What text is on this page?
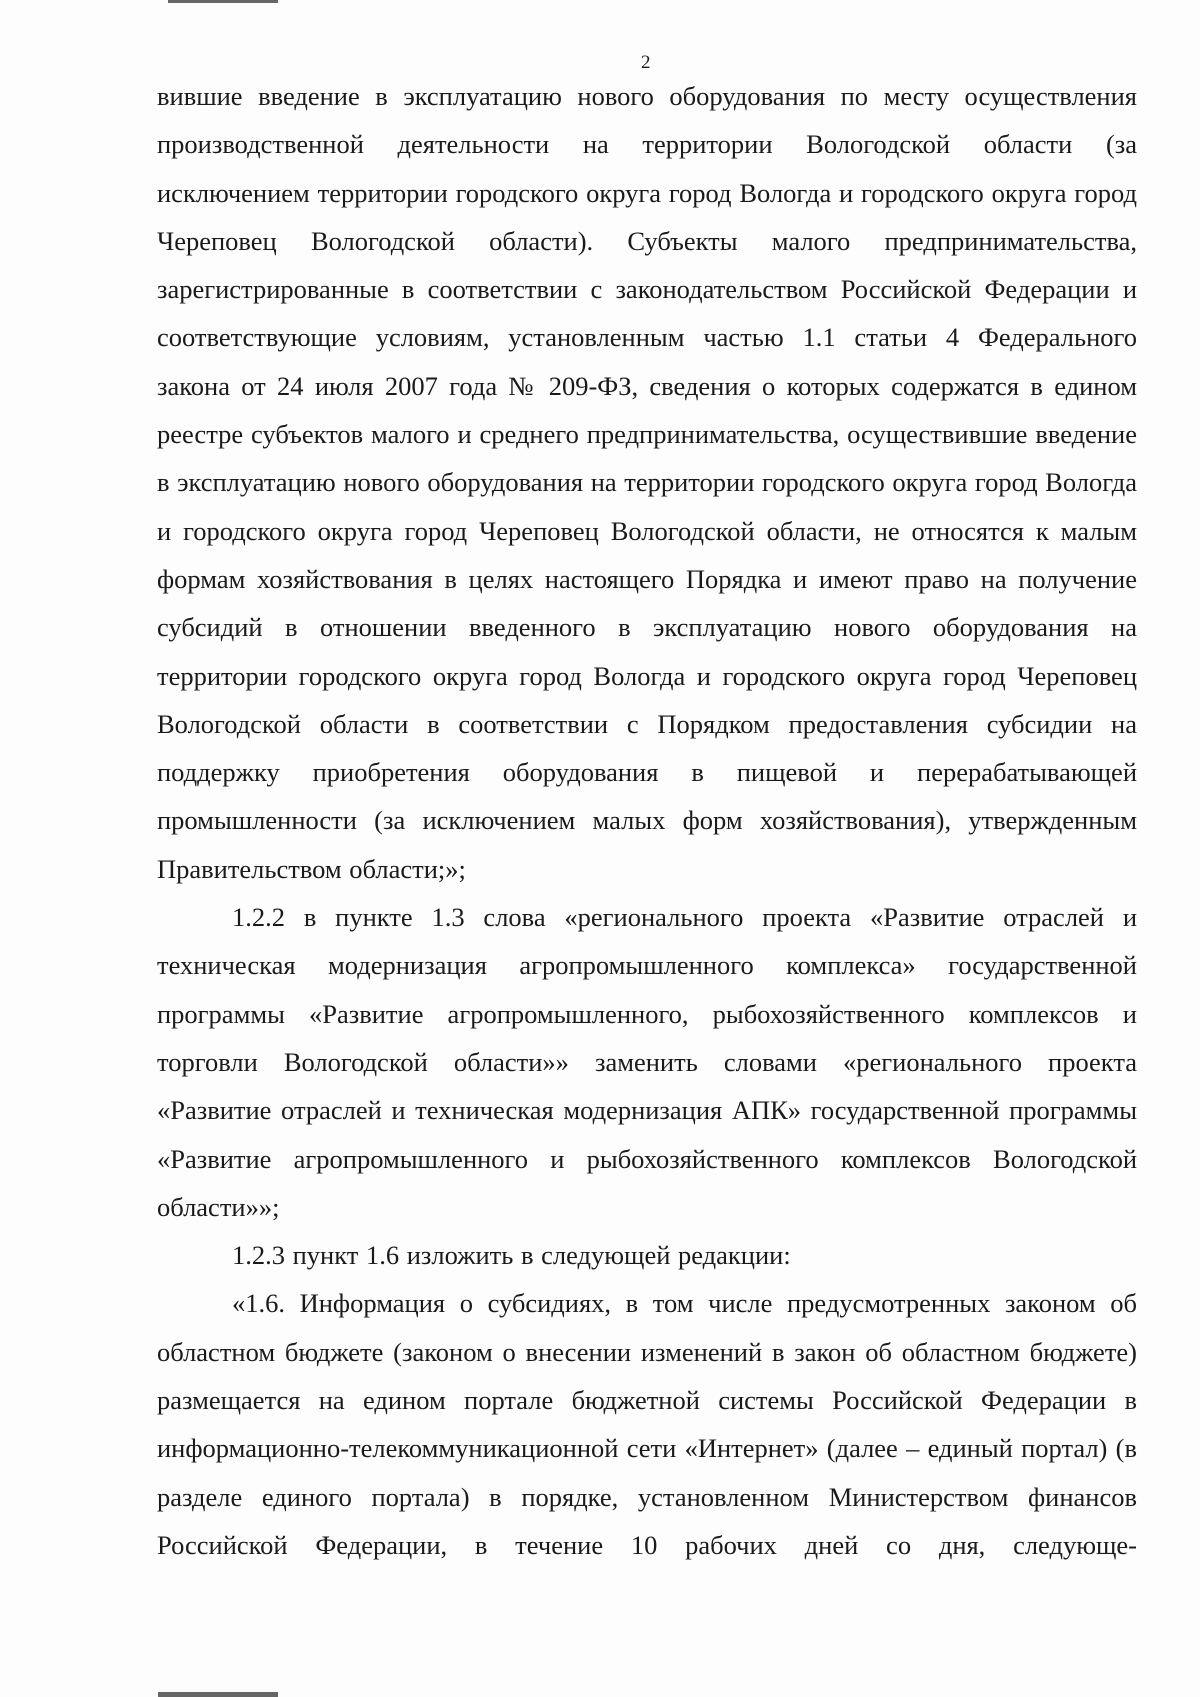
2

вившие введение в эксплуатацию нового оборудования по месту осуществления производственной деятельности на территории Вологодской области (за исключением территории городского округа город Вологда и городского округа город Череповец Вологодской области). Субъекты малого предпринимательства, зарегистрированные в соответствии с законодательством Российской Федерации и соответствующие условиям, установленным частью 1.1 статьи 4 Федерального закона от 24 июля 2007 года № 209-ФЗ, сведения о которых содержатся в едином реестре субъектов малого и среднего предпринимательства, осуществившие введение в эксплуатацию нового оборудования на территории городского округа город Вологда и городского округа город Череповец Вологодской области, не относятся к малым формам хозяйствования в целях настоящего Порядка и имеют право на получение субсидий в отношении введенного в эксплуатацию нового оборудования на территории городского округа город Вологда и городского округа город Череповец Вологодской области в соответствии с Порядком предоставления субсидии на поддержку приобретения оборудования в пищевой и перерабатывающей промышленности (за исключением малых форм хозяйствования), утвержденным Правительством области;»;

1.2.2 в пункте 1.3 слова «регионального проекта «Развитие отраслей и техническая модернизация агропромышленного комплекса» государственной программы «Развитие агропромышленного, рыбохозяйственного комплексов и торговли Вологодской области»» заменить словами «регионального проекта «Развитие отраслей и техническая модернизация АПК» государственной программы «Развитие агропромышленного и рыбохозяйственного комплексов Вологодской области»»;

1.2.3 пункт 1.6 изложить в следующей редакции:

«1.6. Информация о субсидиях, в том числе предусмотренных законом об областном бюджете (законом о внесении изменений в закон об областном бюджете) размещается на едином портале бюджетной системы Российской Федерации в информационно-телекоммуникационной сети «Интернет» (далее – единый портал) (в разделе единого портала) в порядке, установленном Министерством финансов Российской Федерации, в течение 10 рабочих дней со дня, следующе-
